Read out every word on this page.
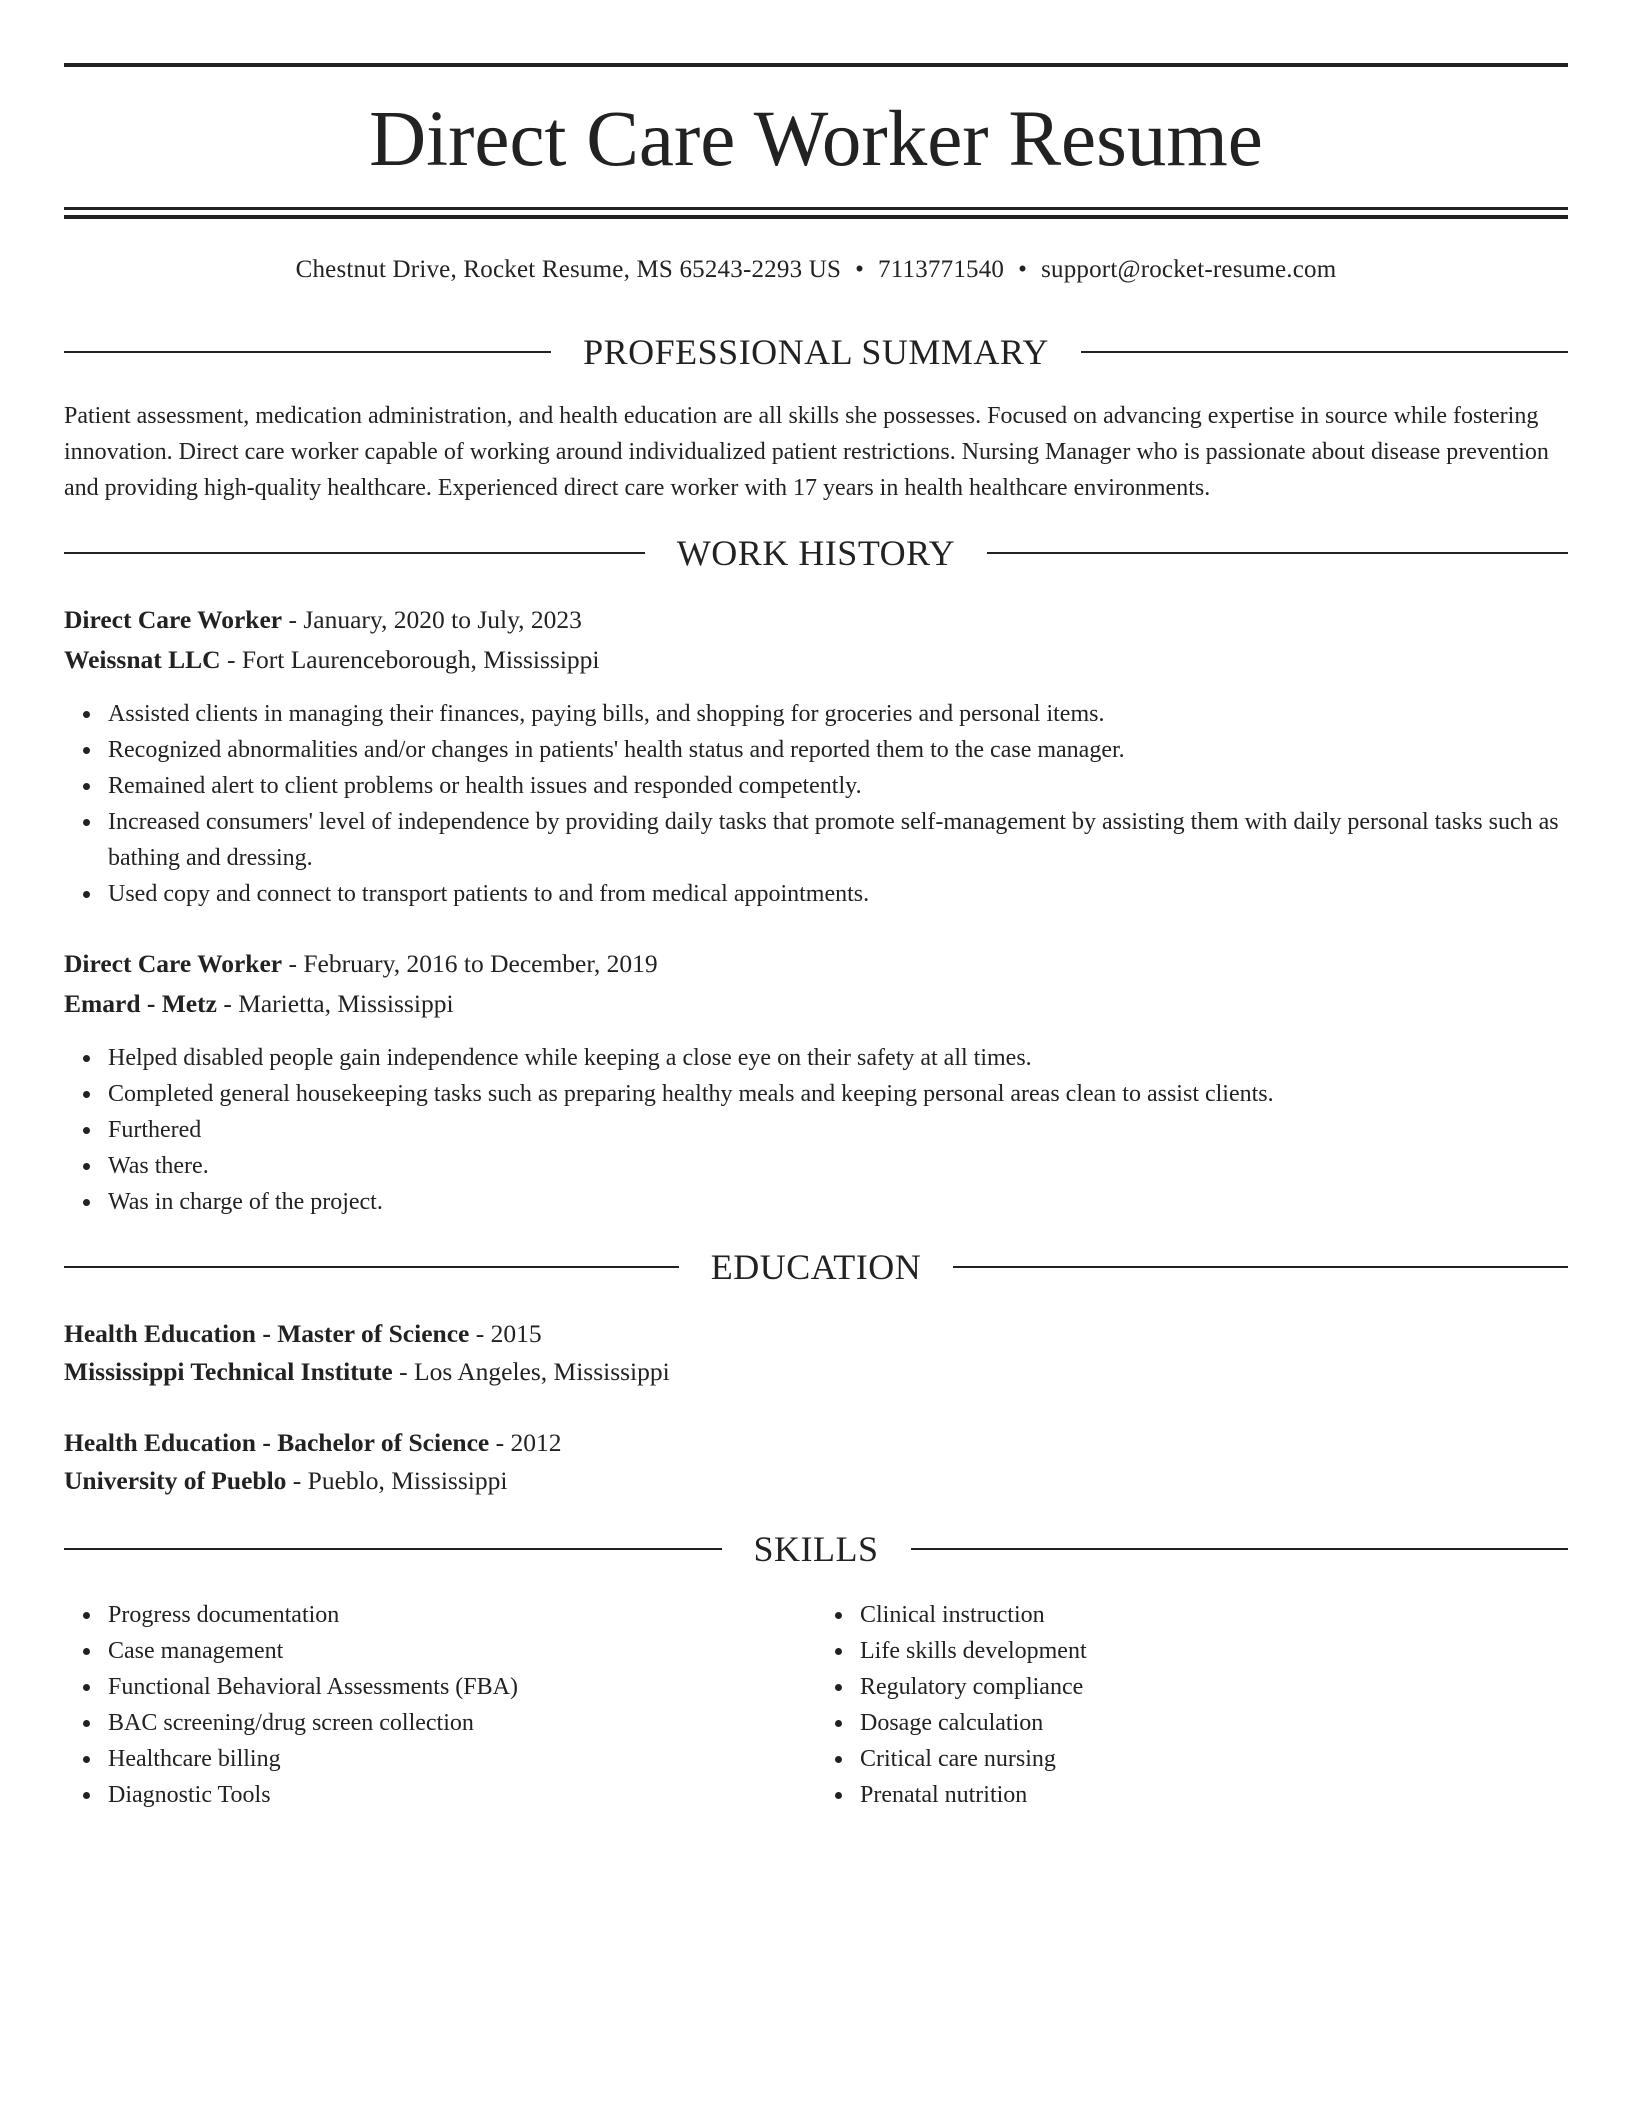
Direct Care Worker Resume
Chestnut Drive, Rocket Resume, MS 65243-2293 US • 7113771540 • support@rocket-resume.com
PROFESSIONAL SUMMARY

Patient assessment, medication administration, and health education are all skills she possesses. Focused on advancing expertise in source while fostering innovation. Direct care worker capable of working around individualized patient restrictions. Nursing Manager who is passionate about disease prevention and providing high-quality healthcare. Experienced direct care worker with 17 years in health healthcare environments.

WORK HISTORY
Direct Care Worker - January, 2020 to July, 2023
Weissnat LLC - Fort Laurenceborough, Mississippi
Assisted clients in managing their finances, paying bills, and shopping for groceries and personal items.
Recognized abnormalities and/or changes in patients' health status and reported them to the case manager.
Remained alert to client problems or health issues and responded competently.
Increased consumers' level of independence by providing daily tasks that promote self-management by assisting them with daily personal tasks such as bathing and dressing.
Used copy and connect to transport patients to and from medical appointments.
Direct Care Worker - February, 2016 to December, 2019
Emard - Metz - Marietta, Mississippi
Helped disabled people gain independence while keeping a close eye on their safety at all times.
Completed general housekeeping tasks such as preparing healthy meals and keeping personal areas clean to assist clients.
Furthered
Was there.
Was in charge of the project.
EDUCATION
Health Education - Master of Science - 2015
Mississippi Technical Institute - Los Angeles, Mississippi
Health Education - Bachelor of Science - 2012
University of Pueblo - Pueblo, Mississippi
SKILLS
Progress documentation
Case management
Functional Behavioral Assessments (FBA)
BAC screening/drug screen collection
Healthcare billing
Diagnostic Tools
Clinical instruction
Life skills development
Regulatory compliance
Dosage calculation
Critical care nursing
Prenatal nutrition
